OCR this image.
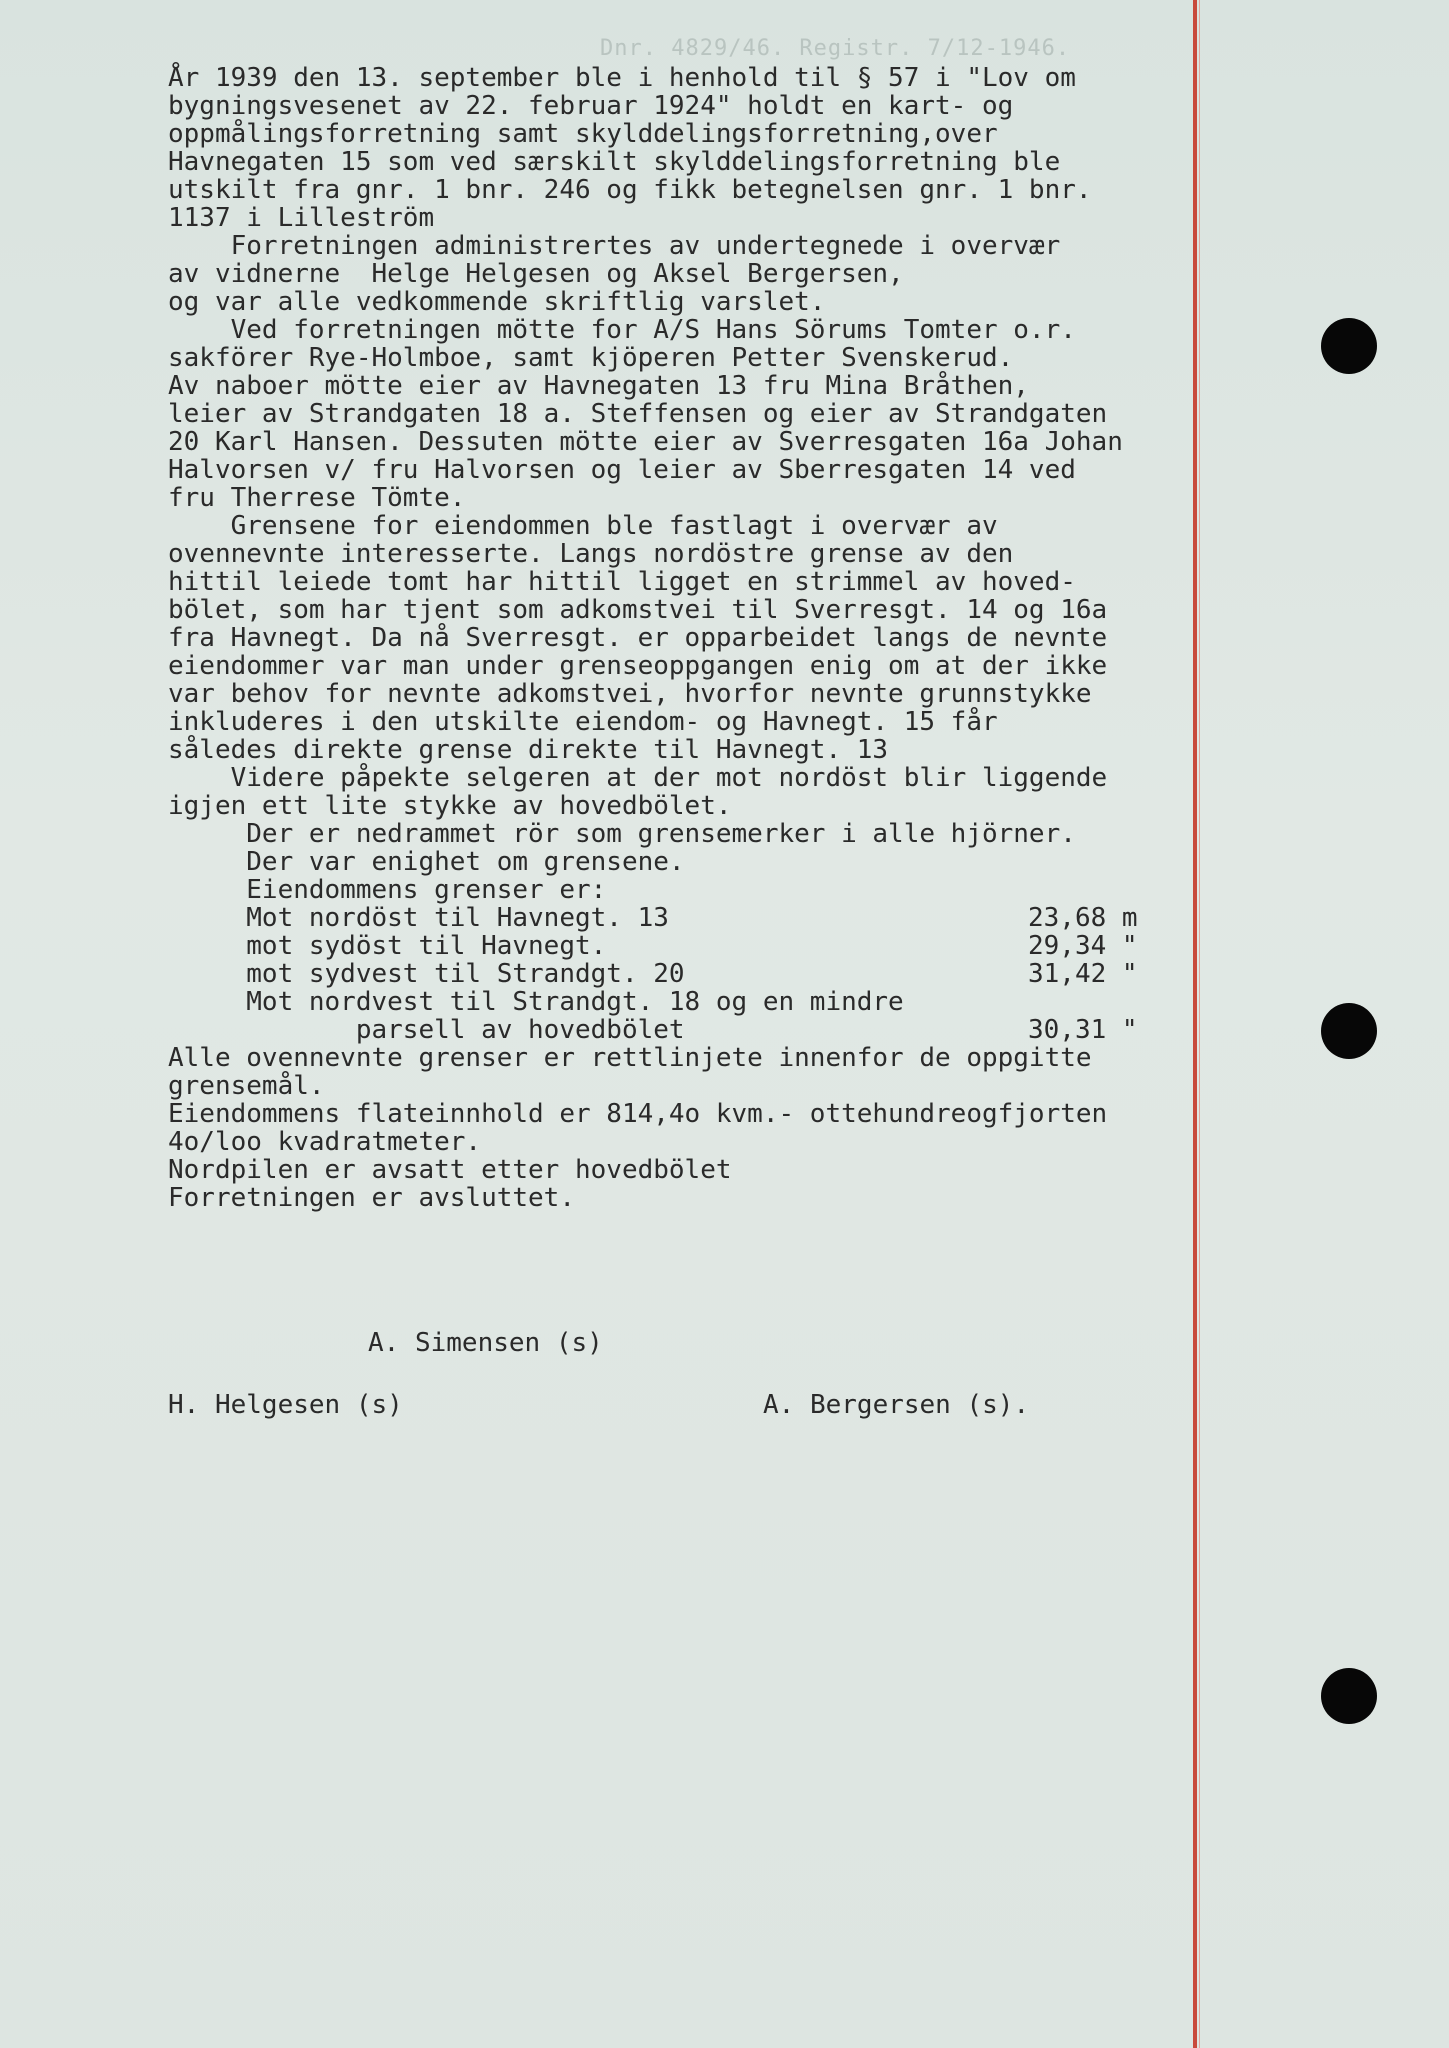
Dnr. 4829/46. Registr. 7/12-1946.
År 1939 den 13. september ble i henhold til § 57 i "Lov om
bygningsvesenet av 22. februar 1924" holdt en kart- og
oppmålingsforretning samt skylddelingsforretning,over
Havnegaten 15 som ved særskilt skylddelingsforretning ble
utskilt fra gnr. 1 bnr. 246 og fikk betegnelsen gnr. 1 bnr.
1137 i Lilleström
Forretningen administrertes av undertegnede i overvær
av vidnerne  Helge Helgesen og Aksel Bergersen,
og var alle vedkommende skriftlig varslet.
Ved forretningen mötte for A/S Hans Sörums Tomter o.r.
sakförer Rye-Holmboe, samt kjöperen Petter Svenskerud.
Av naboer mötte eier av Havnegaten 13 fru Mina Bråthen,
leier av Strandgaten 18 a. Steffensen og eier av Strandgaten
20 Karl Hansen. Dessuten mötte eier av Sverresgaten 16a Johan
Halvorsen v/ fru Halvorsen og leier av Sberresgaten 14 ved
fru Therrese Tömte.
Grensene for eiendommen ble fastlagt i overvær av
ovennevnte interesserte. Langs nordöstre grense av den
hittil leiede tomt har hittil ligget en strimmel av hoved-
bölet, som har tjent som adkomstvei til Sverresgt. 14 og 16a
fra Havnegt. Da nå Sverresgt. er opparbeidet langs de nevnte
eiendommer var man under grenseoppgangen enig om at der ikke
var behov for nevnte adkomstvei, hvorfor nevnte grunnstykke
inkluderes i den utskilte eiendom- og Havnegt. 15 får
således direkte grense direkte til Havnegt. 13
Videre påpekte selgeren at der mot nordöst blir liggende
igjen ett lite stykke av hovedbölet.
Der er nedrammet rör som grensemerker i alle hjörner.
Der var enighet om grensene.
Eiendommens grenser er:
Mot nordöst til Havnegt. 13	23,68 m
mot sydöst til Havnegt.	29,34 "
mot sydvest til Strandgt. 20	31,42 "
Mot nordvest til Strandgt. 18 og en mindre
parsell av hovedbölet	30,31 "
Alle ovennevnte grenser er rettlinjete innenfor de oppgitte
grensemål.
Eiendommens flateinnhold er 814,4o kvm.- ottehundreogfjorten
4o/loo kvadratmeter.
Nordpilen er avsatt etter hovedbölet
Forretningen er avsluttet.
A. Simensen (s)
H. Helgesen (s)	A. Bergersen (s).
